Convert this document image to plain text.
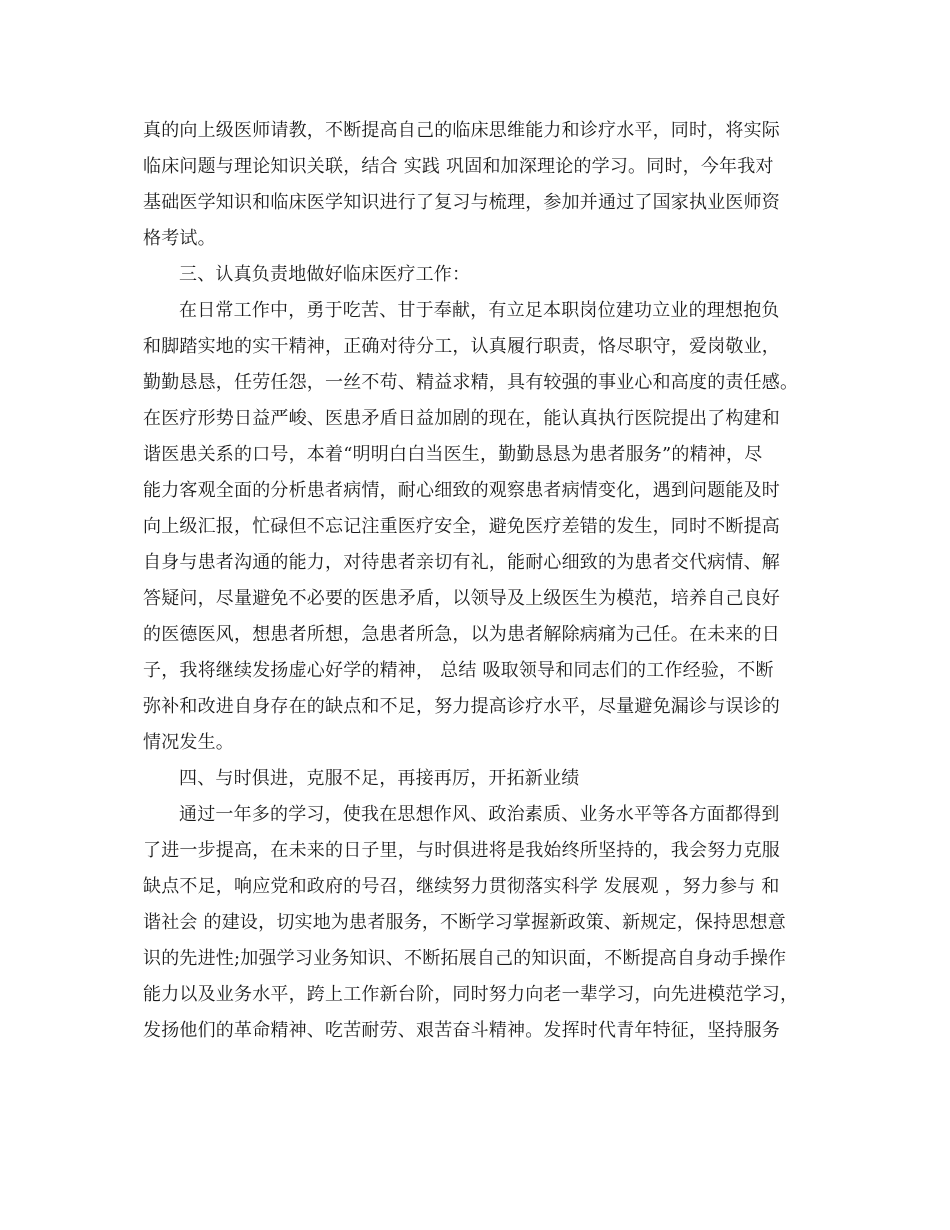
真的向上级医师请教，不断提高自己的临床思维能力和诊疗水平，同时，将实际
临床问题与理论知识关联，结合 实践 巩固和加深理论的学习。同时，今年我对
基础医学知识和临床医学知识进行了复习与梳理，参加并通过了国家执业医师资
格考试。
三、认真负责地做好临床医疗工作：
在日常工作中，勇于吃苦、甘于奉献，有立足本职岗位建功立业的理想抱负
和脚踏实地的实干精神，正确对待分工，认真履行职责，恪尽职守，爱岗敬业，
勤勤恳恳，任劳任怨，一丝不苟、精益求精，具有较强的事业心和高度的责任感。
在医疗形势日益严峻、医患矛盾日益加剧的现在，能认真执行医院提出了构建和
谐医患关系的口号，本着“明明白白当医生，勤勤恳恳为患者服务”的精神，尽
能力客观全面的分析患者病情，耐心细致的观察患者病情变化，遇到问题能及时
向上级汇报，忙碌但不忘记注重医疗安全，避免医疗差错的发生，同时不断提高
自身与患者沟通的能力，对待患者亲切有礼，能耐心细致的为患者交代病情、解
答疑问，尽量避免不必要的医患矛盾，以领导及上级医生为模范，培养自己良好
的医德医风，想患者所想，急患者所急，以为患者解除病痛为己任。在未来的日
子，我将继续发扬虚心好学的精神， 总结 吸取领导和同志们的工作经验，不断
弥补和改进自身存在的缺点和不足，努力提高诊疗水平，尽量避免漏诊与误诊的
情况发生。
四、与时俱进，克服不足，再接再厉，开拓新业绩
通过一年多的学习，使我在思想作风、政治素质、业务水平等各方面都得到
了进一步提高，在未来的日子里，与时俱进将是我始终所坚持的，我会努力克服
缺点不足，响应党和政府的号召，继续努力贯彻落实科学 发展观 ，努力参与 和
谐社会 的建设，切实地为患者服务，不断学习掌握新政策、新规定，保持思想意
识的先进性;加强学习业务知识、不断拓展自己的知识面，不断提高自身动手操作
能力以及业务水平，跨上工作新台阶，同时努力向老一辈学习，向先进模范学习，
发扬他们的革命精神、吃苦耐劳、艰苦奋斗精神。发挥时代青年特征，坚持服务
